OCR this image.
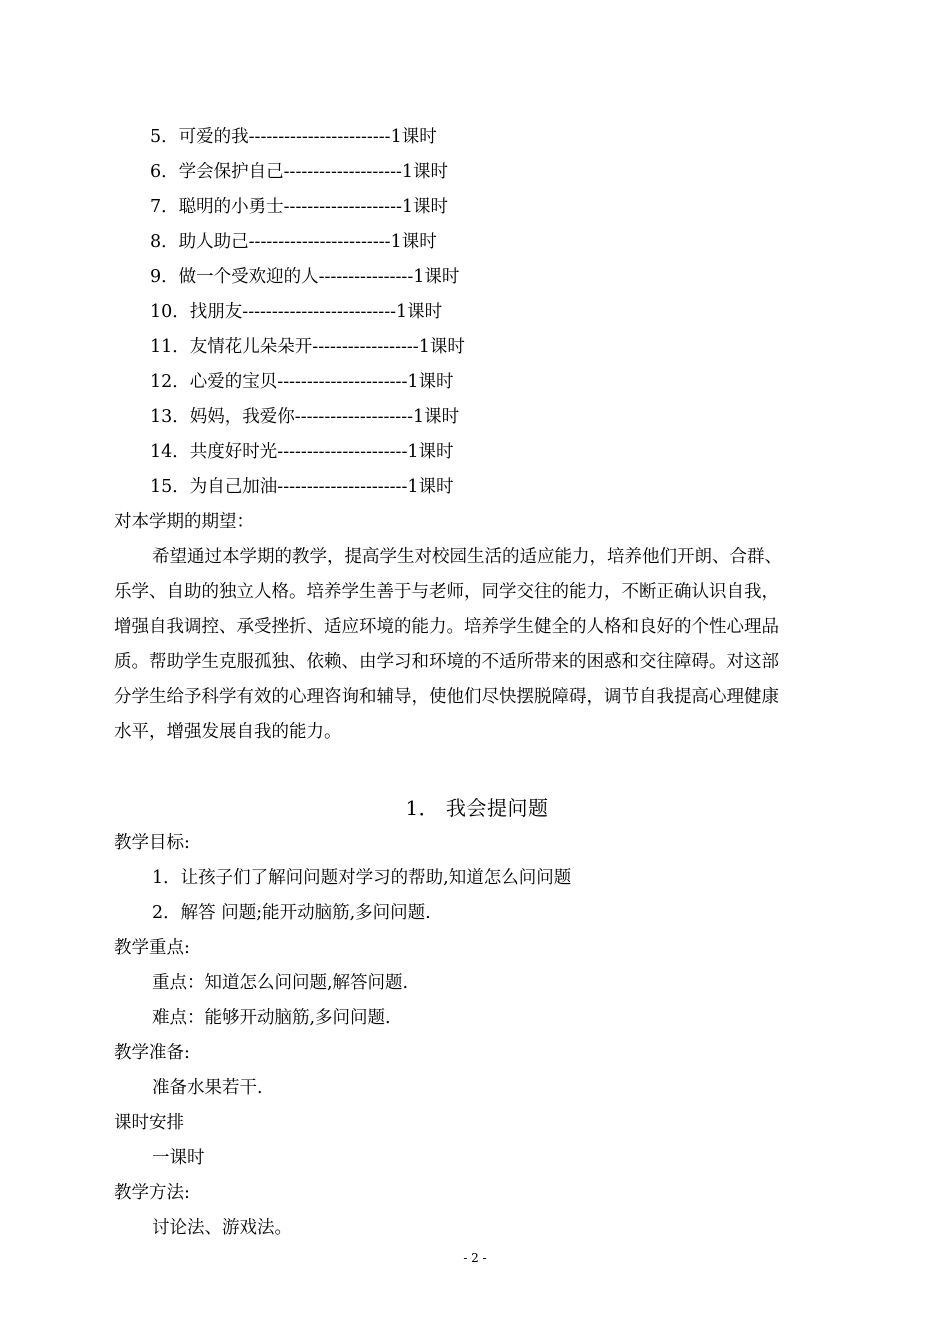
5．可爱的我------------------------1课时
6．学会保护自己--------------------1课时
7．聪明的小勇士--------------------1课时
8．助人助己------------------------1课时
9．做一个受欢迎的人----------------1课时
10．找朋友--------------------------1课时
11．友情花儿朵朵开------------------1课时
12．心爱的宝贝----------------------1课时
13．妈妈，我爱你--------------------1课时
14．共度好时光----------------------1课时
15．为自己加油----------------------1课时
对本学期的期望：
希望通过本学期的教学，提高学生对校园生活的适应能力，培养他们开朗、合群、
乐学、自助的独立人格。培养学生善于与老师，同学交往的能力，不断正确认识自我，
增强自我调控、承受挫折、适应环境的能力。培养学生健全的人格和良好的个性心理品
质。帮助学生克服孤独、依赖、由学习和环境的不适所带来的困惑和交往障碍。对这部
分学生给予科学有效的心理咨询和辅导，使他们尽快摆脱障碍，调节自我提高心理健康
水平，增强发展自我的能力。
1． 我会提问题
教学目标:
1．让孩子们了解问问题对学习的帮助,知道怎么问问题
2．解答 问题;能开动脑筋,多问问题.
教学重点:
重点：知道怎么问问题,解答问题.
难点：能够开动脑筋,多问问题.
教学准备:
准备水果若干.
课时安排
一课时
教学方法:
讨论法、游戏法。
- 2 -
